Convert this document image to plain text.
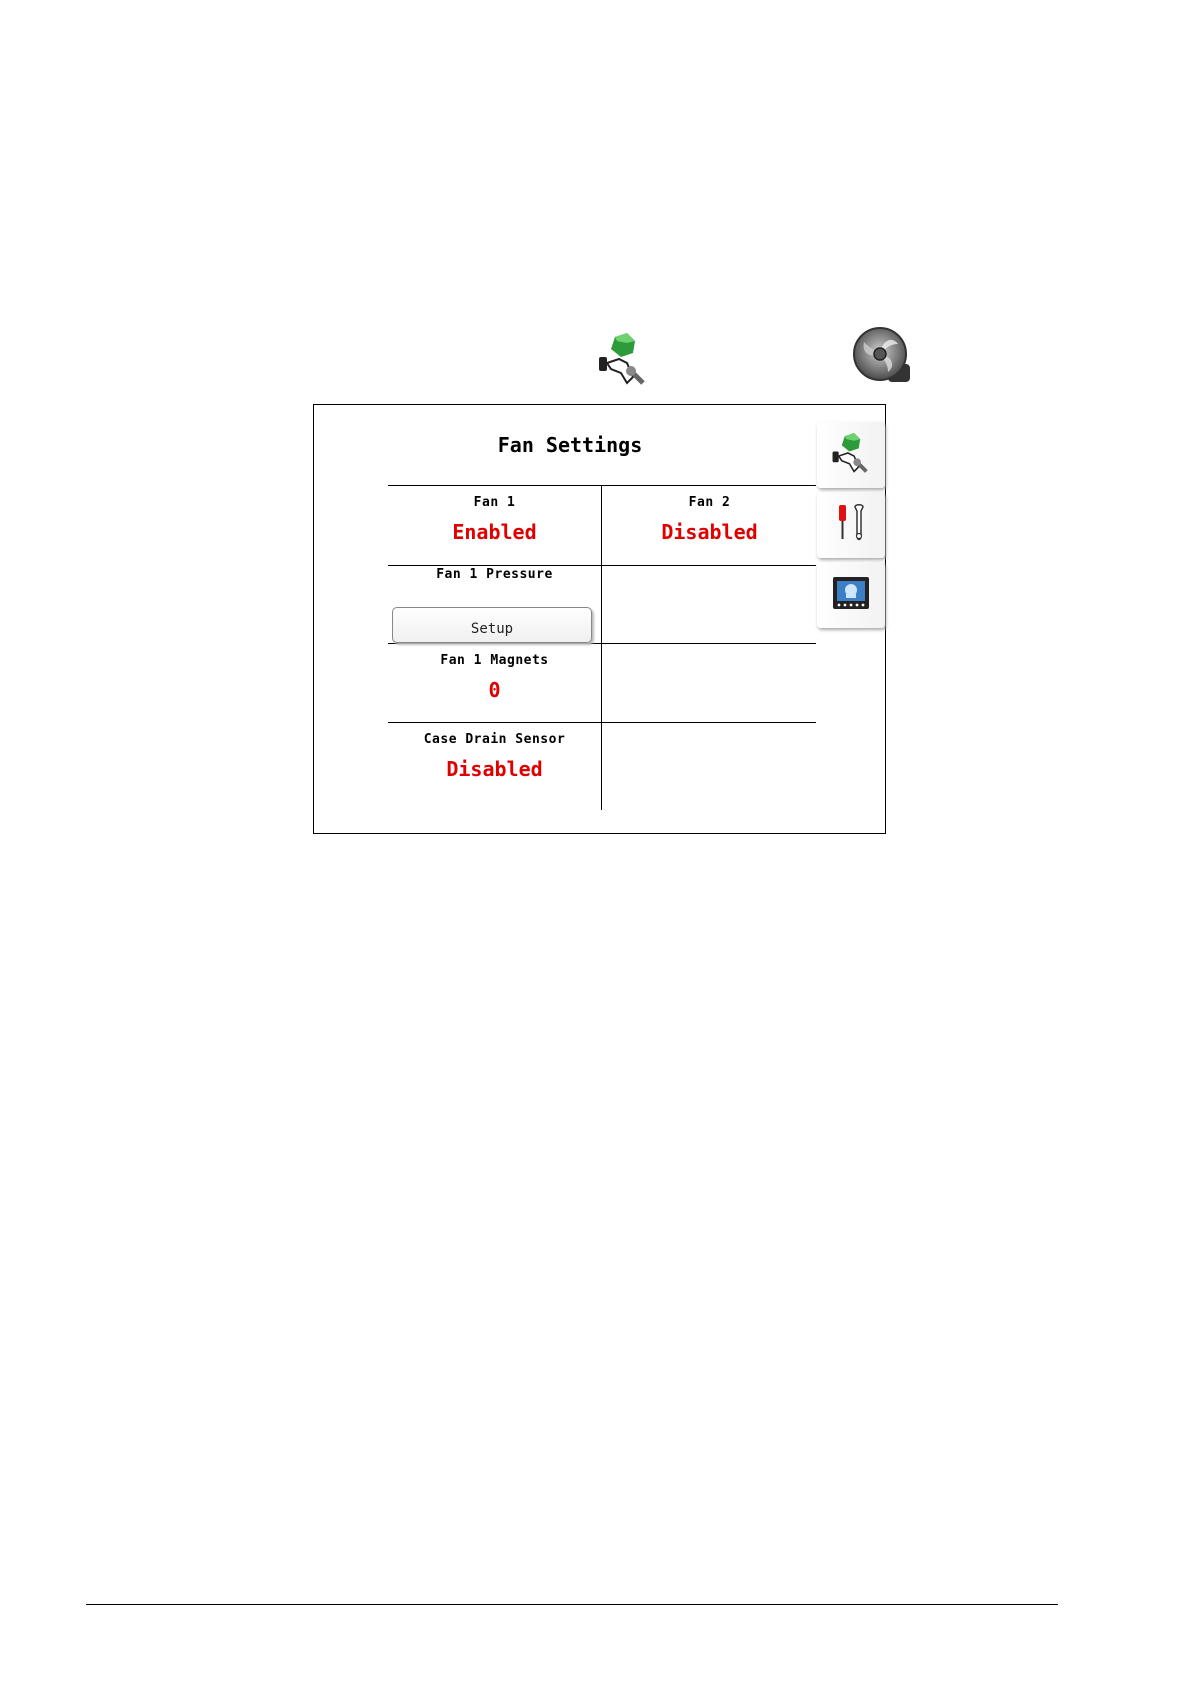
Fan Settings
Fan 1
Enabled
Fan 2
Disabled
Fan 1 Pressure
Setup
Fan 1 Magnets
0
Case Drain Sensor
Disabled
